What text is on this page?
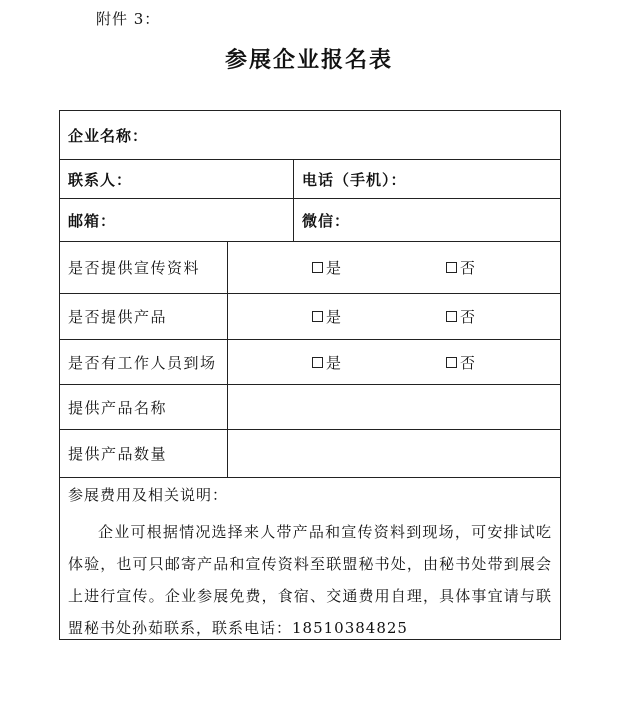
附件 3：
参展企业报名表
企业名称：
联系人：	电话（手机）：
邮箱：	微信：
是否提供宣传资料	是	否
是否提供产品	是	否
是否有工作人员到场	是	否
提供产品名称
提供产品数量
参展费用及相关说明：
企业可根据情况选择来人带产品和宣传资料到现场，可安排试吃体验，也可只邮寄产品和宣传资料至联盟秘书处，由秘书处带到展会上进行宣传。企业参展免费，食宿、交通费用自理，具体事宜请与联盟秘书处孙茹联系，联系电话：18510384825
